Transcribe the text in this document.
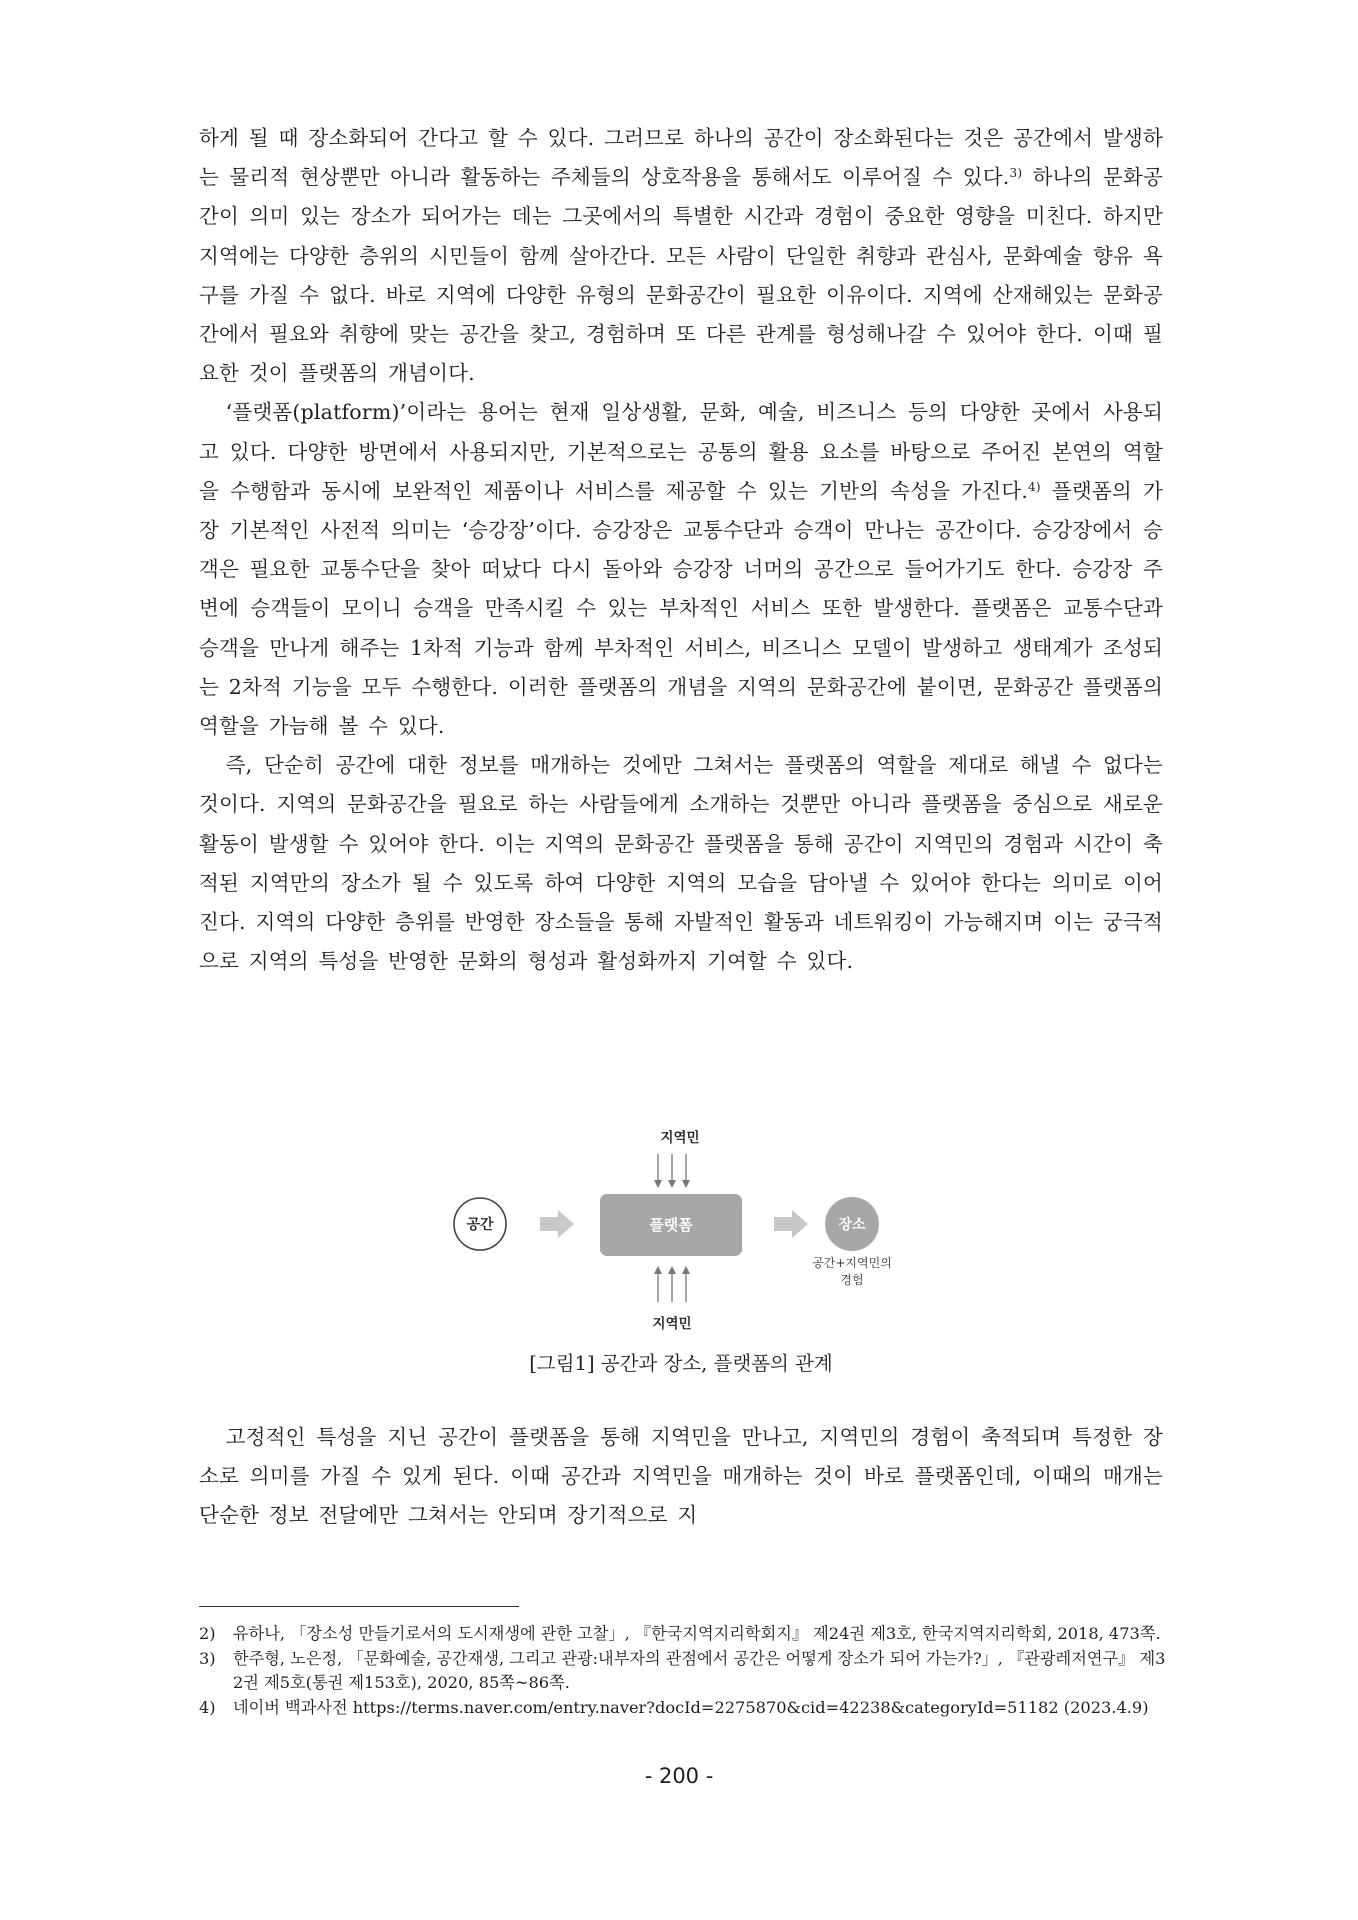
하게 될 때 장소화되어 간다고 할 수 있다. 그러므로 하나의 공간이 장소화된다는 것은 공간에서 발생하는 물리적 현상뿐만 아니라 활동하는 주체들의 상호작용을 통해서도 이루어질 수 있다.$^{3)}$ 하나의 문화공간이 의미 있는 장소가 되어가는 데는 그곳에서의 특별한 시간과 경험이 중요한 영향을 미친다. 하지만 지역에는 다양한 층위의 시민들이 함께 살아간다. 모든 사람이 단일한 취향과 관심사, 문화예술 향유 욕구를 가질 수 없다. 바로 지역에 다양한 유형의 문화공간이 필요한 이유이다. 지역에 산재해있는 문화공간에서 필요와 취향에 맞는 공간을 찾고, 경험하며 또 다른 관계를 형성해나갈 수 있어야 한다. 이때 필요한 것이 플랫폼의 개념이다.

‘플랫폼(platform)’이라는 용어는 현재 일상생활, 문화, 예술, 비즈니스 등의 다양한 곳에서 사용되고 있다. 다양한 방면에서 사용되지만, 기본적으로는 공통의 활용 요소를 바탕으로 주어진 본연의 역할을 수행함과 동시에 보완적인 제품이나 서비스를 제공할 수 있는 기반의 속성을 가진다.$^{4)}$ 플랫폼의 가장 기본적인 사전적 의미는 ‘승강장’이다. 승강장은 교통수단과 승객이 만나는 공간이다. 승강장에서 승객은 필요한 교통수단을 찾아 떠났다 다시 돌아와 승강장 너머의 공간으로 들어가기도 한다. 승강장 주변에 승객들이 모이니 승객을 만족시킬 수 있는 부차적인 서비스 또한 발생한다. 플랫폼은 교통수단과 승객을 만나게 해주는 1차적 기능과 함께 부차적인 서비스, 비즈니스 모델이 발생하고 생태계가 조성되는 2차적 기능을 모두 수행한다. 이러한 플랫폼의 개념을 지역의 문화공간에 붙이면, 문화공간 플랫폼의 역할을 가늠해 볼 수 있다.

즉, 단순히 공간에 대한 정보를 매개하는 것에만 그쳐서는 플랫폼의 역할을 제대로 해낼 수 없다는 것이다. 지역의 문화공간을 필요로 하는 사람들에게 소개하는 것뿐만 아니라 플랫폼을 중심으로 새로운 활동이 발생할 수 있어야 한다. 이는 지역의 문화공간 플랫폼을 통해 공간이 지역민의 경험과 시간이 축적된 지역만의 장소가 될 수 있도록 하여 다양한 지역의 모습을 담아낼 수 있어야 한다는 의미로 이어진다. 지역의 다양한 층위를 반영한 장소들을 통해 자발적인 활동과 네트워킹이 가능해지며 이는 궁극적으로 지역의 특성을 반영한 문화의 형성과 활성화까지 기여할 수 있다.

지역민
공간	플랫폼	장소
공간+지역민의
경험
지역민
[그림1] 공간과 장소, 플랫폼의 관계

고정적인 특성을 지닌 공간이 플랫폼을 통해 지역민을 만나고, 지역민의 경험이 축적되며 특정한 장소로 의미를 가질 수 있게 된다. 이때 공간과 지역민을 매개하는 것이 바로 플랫폼인데, 이때의 매개는 단순한 정보 전달에만 그쳐서는 안되며 장기적으로 지

2)	유하나, 「장소성 만들기로서의 도시재생에 관한 고찰」, 『한국지역지리학회지』 제24권 제3호, 한국지역지리학회, 2018, 473쪽.

3)	한주형, 노은정, 「문화예술, 공간재생, 그리고 관광:내부자의 관점에서 공간은 어떻게 장소가 되어 가는가?」, 『관광레저연구』 제32권 제5호(통권 제153호), 2020, 85쪽~86쪽.

4)	네이버 백과사전 https://terms.naver.com/entry.naver?docId=2275870&cid=42238&categoryId=51182 (2023.4.9)

- 200 -
